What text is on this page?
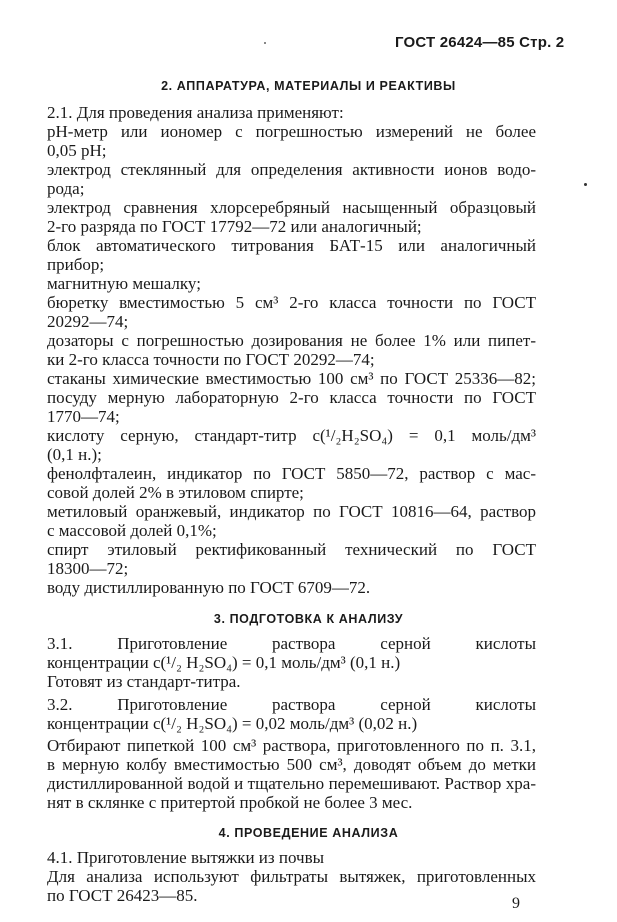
ГОСТ 26424—85 Стр. 2
2. АППАРАТУРА, МАТЕРИАЛЫ И РЕАКТИВЫ
2.1. Для проведения анализа применяют:
pH-метр или иономер с погрешностью измерений не более
0,05 pH;
электрод стеклянный для определения активности ионов водо-
рода;
электрод сравнения хлорсеребряный насыщенный образцовый
2-го разряда по ГОСТ 17792—72 или аналогичный;
блок автоматического титрования БАТ-15 или аналогичный
прибор;
магнитную мешалку;
бюретку вместимостью 5 см³ 2-го класса точности по ГОСТ
20292—74;
дозаторы с погрешностью дозирования не более 1% или пипет-
ки 2-го класса точности по ГОСТ 20292—74;
стаканы химические вместимостью 100 см³ по ГОСТ 25336—82;
посуду мерную лабораторную 2-го класса точности по ГОСТ
1770—74;
кислоту серную, стандарт-титр с(¹/₂H₂SO₄) = 0,1 моль/дм³
(0,1 н.);
фенолфталеин, индикатор по ГОСТ 5850—72, раствор с мас-
совой долей 2% в этиловом спирте;
метиловый оранжевый, индикатор по ГОСТ 10816—64, раствор
с массовой долей 0,1%;
спирт этиловый ректификованный технический по ГОСТ
18300—72;
воду дистиллированную по ГОСТ 6709—72.
3. ПОДГОТОВКА К АНАЛИЗУ
3.1. Приготовление раствора серной кислоты
концентрации с(¹/₂ H₂SO₄) = 0,1 моль/дм³ (0,1 н.)
Готовят из стандарт-титра.
3.2. Приготовление раствора серной кислоты
концентрации с(¹/₂ H₂SO₄) = 0,02 моль/дм³ (0,02 н.)
Отбирают пипеткой 100 см³ раствора, приготовленного по п. 3.1,
в мерную колбу вместимостью 500 см³, доводят объем до метки
дистиллированной водой и тщательно перемешивают. Раствор хра-
нят в склянке с притертой пробкой не более 3 мес.
4. ПРОВЕДЕНИЕ АНАЛИЗА
4.1. Приготовление вытяжки из почвы
Для анализа используют фильтраты вытяжек, приготовленных
по ГОСТ 26423—85.	9
